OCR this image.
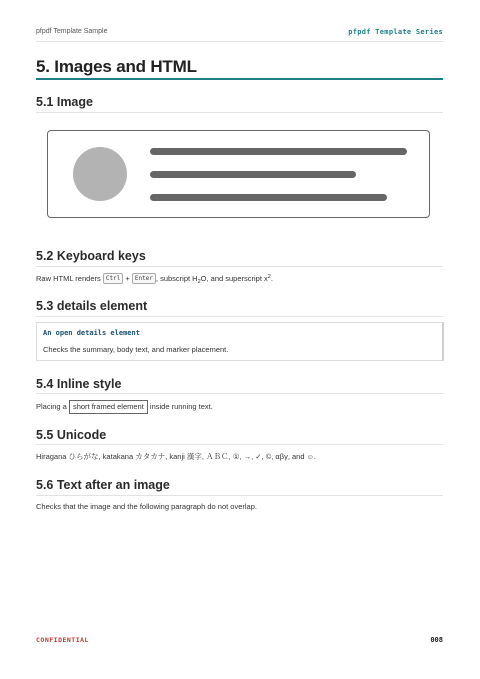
pfpdf Template Sample	pfpdf Template Series
5. Images and HTML
5.1 Image
5.2 Keyboard keys
Raw HTML renders Ctrl + Enter , subscript $H_2O$, and superscript $x^2$.
5.3 details element
An open details element
Checks the summary, body text, and marker placement.
5.4 Inline style
Placing a short framed element inside running text.
5.5 Unicode
Hiragana ひらがな, katakana カタカナ, kanji 漢字, ＡＢＣ, ①, →, ✓, ©, αβγ, and ☺.
5.6 Text after an image
Checks that the image and the following paragraph do not overlap.
CONFIDENTIAL	008
